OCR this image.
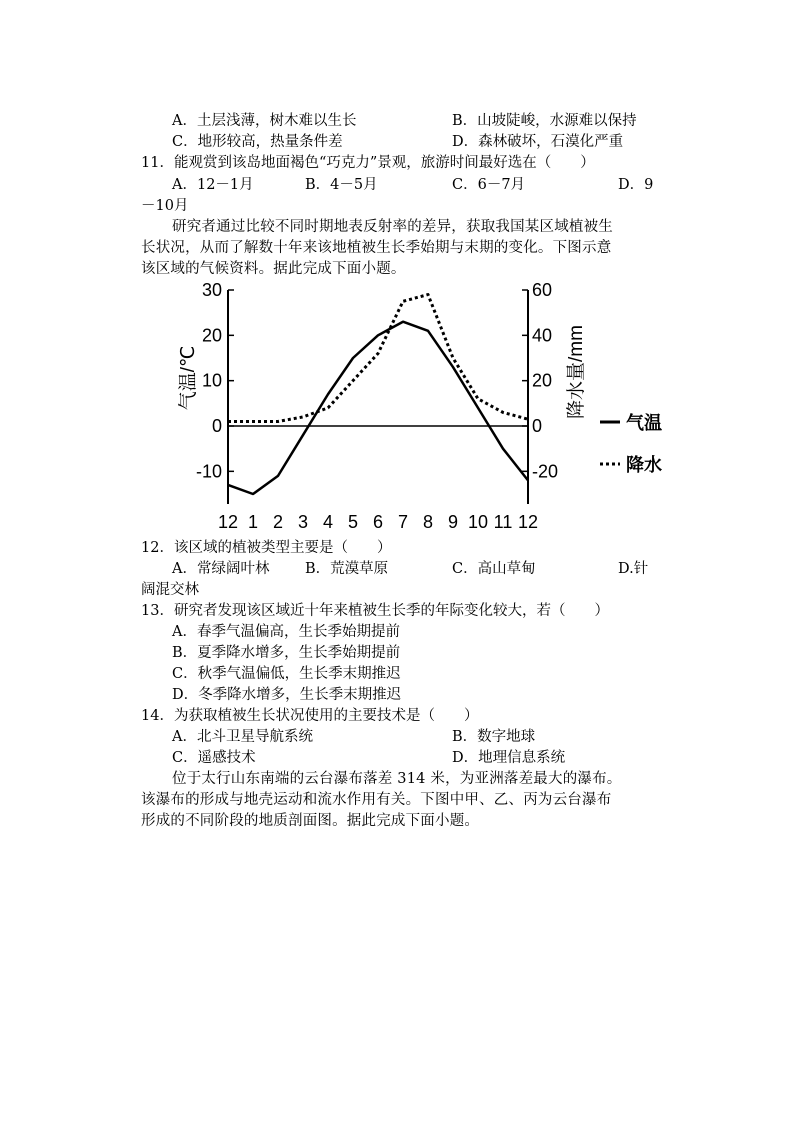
A．土层浅薄，树木难以生长	B．山坡陡峻，水源难以保持
C．地形较高，热量条件差	D．森林破坏，石漠化严重
11．能观赏到该岛地面褐色“巧克力”景观，旅游时间最好选在（　　）
A．12－1月	B．4－5月	C．6－7月	D．9
－10月
研究者通过比较不同时期地表反射率的差异，获取我国某区域植被生
长状况，从而了解数十年来该地植被生长季始期与末期的变化。下图示意
该区域的气候资料。据此完成下面小题。
30
20
10
0
-10
60
40
20
0
-20
12 1 2 3 4 5 6 7 8 9 10 11 12
气温/℃	降水量/mm
气温
降水
12．该区域的植被类型主要是（　　）
A．常绿阔叶林 B．荒漠草原	C．高山草甸	D.针
阔混交林
13．研究者发现该区域近十年来植被生长季的年际变化较大，若（　　）
A．春季气温偏高，生长季始期提前
B．夏季降水增多，生长季始期提前
C．秋季气温偏低，生长季末期推迟
D．冬季降水增多，生长季末期推迟
14．为获取植被生长状况使用的主要技术是（　　）
A．北斗卫星导航系统	B．数字地球
C．遥感技术	D．地理信息系统
位于太行山东南端的云台瀑布落差 314 米，为亚洲落差最大的瀑布。
该瀑布的形成与地壳运动和流水作用有关。下图中甲、乙、丙为云台瀑布
形成的不同阶段的地质剖面图。据此完成下面小题。
